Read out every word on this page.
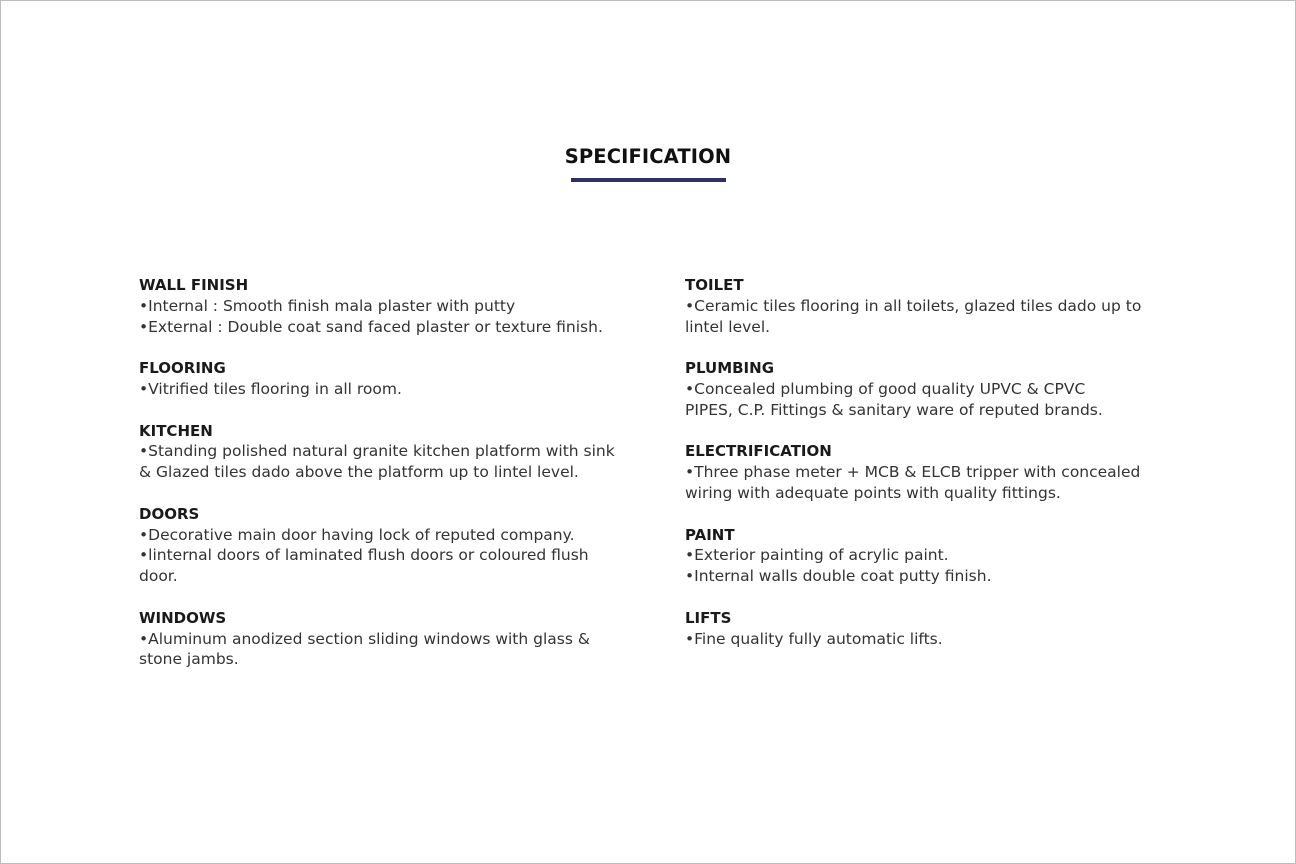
SPECIFICATION
WALL FINISH
•Internal : Smooth finish mala plaster with putty
•External : Double coat sand faced plaster or texture finish.
FLOORING
•Vitrified tiles flooring in all room.
KITCHEN
•Standing polished natural granite kitchen platform with sink
& Glazed tiles dado above the platform up to lintel level.
DOORS
•Decorative main door having lock of reputed company.
•linternal doors of laminated flush doors or coloured flush
door.
WINDOWS
•Aluminum anodized section sliding windows with glass &
stone jambs.
TOILET
•Ceramic tiles flooring in all toilets, glazed tiles dado up to
lintel level.
PLUMBING
•Concealed plumbing of good quality UPVC & CPVC
PIPES, C.P. Fittings & sanitary ware of reputed brands.
ELECTRIFICATION
•Three phase meter + MCB & ELCB tripper with concealed
wiring with adequate points with quality fittings.
PAINT
•Exterior painting of acrylic paint.
•Internal walls double coat putty finish.
LIFTS
•Fine quality fully automatic lifts.
